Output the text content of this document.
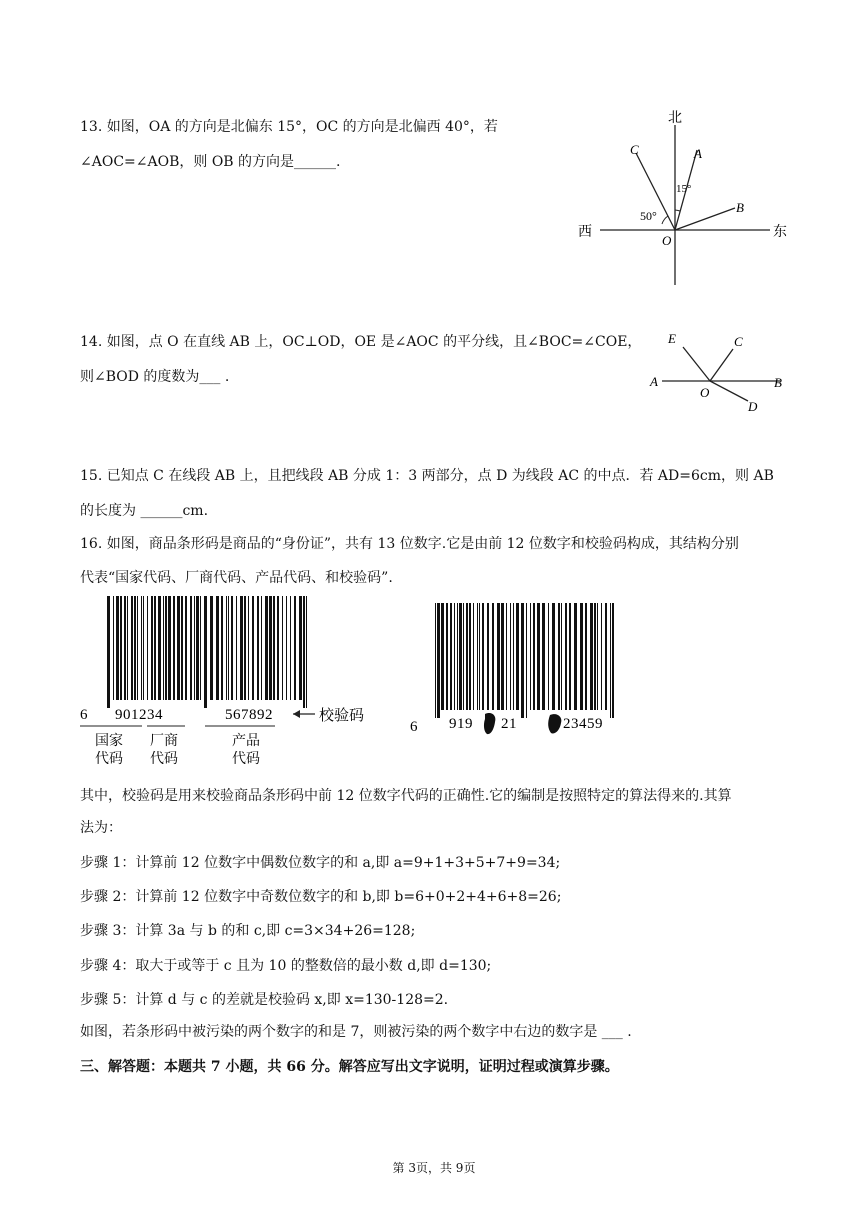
13. 如图，OA 的方向是北偏东 15°，OC 的方向是北偏西 40°，若
∠AOC=∠AOB，则 OB 的方向是______.
北
西	东
A
B
C
O
15°
50°
14. 如图，点 O 在直线 AB 上，OC⊥OD，OE 是∠AOC 的平分线，且∠BOC=∠COE，
则∠BOD 的度数为___ .	A	B
C
D
E
O
15. 已知点 C 在线段 AB 上，且把线段 AB 分成 1：3 两部分，点 D 为线段 AC 的中点．若 AD=6cm，则 AB
的长度为 ______cm.
16. 如图，商品条形码是商品的“身份证”，共有 13 位数字.它是由前 12 位数字和校验码构成，其结构分别
代表“国家代码、厂商代码、产品代码、和校验码”.
6 901234	567892	校验码
国家
代码
厂商
代码
产品
代码
6 919 21	23459
其中，校验码是用来校验商品条形码中前 12 位数字代码的正确性.它的编制是按照特定的算法得来的.其算
法为：
步骤 1：计算前 12 位数字中偶数位数字的和 a,即 a=9+1+3+5+7+9=34;
步骤 2：计算前 12 位数字中奇数位数字的和 b,即 b=6+0+2+4+6+8=26;
步骤 3：计算 3a 与 b 的和 c,即 c=3×34+26=128;
步骤 4：取大于或等于 c 且为 10 的整数倍的最小数 d,即 d=130;
步骤 5：计算 d 与 c 的差就是校验码 x,即 x=130-128=2.
如图，若条形码中被污染的两个数字的和是 7，则被污染的两个数字中右边的数字是 ___ .
三、解答题：本题共 7 小题，共 66 分。解答应写出文字说明，证明过程或演算步骤。
第 3页，共 9页
